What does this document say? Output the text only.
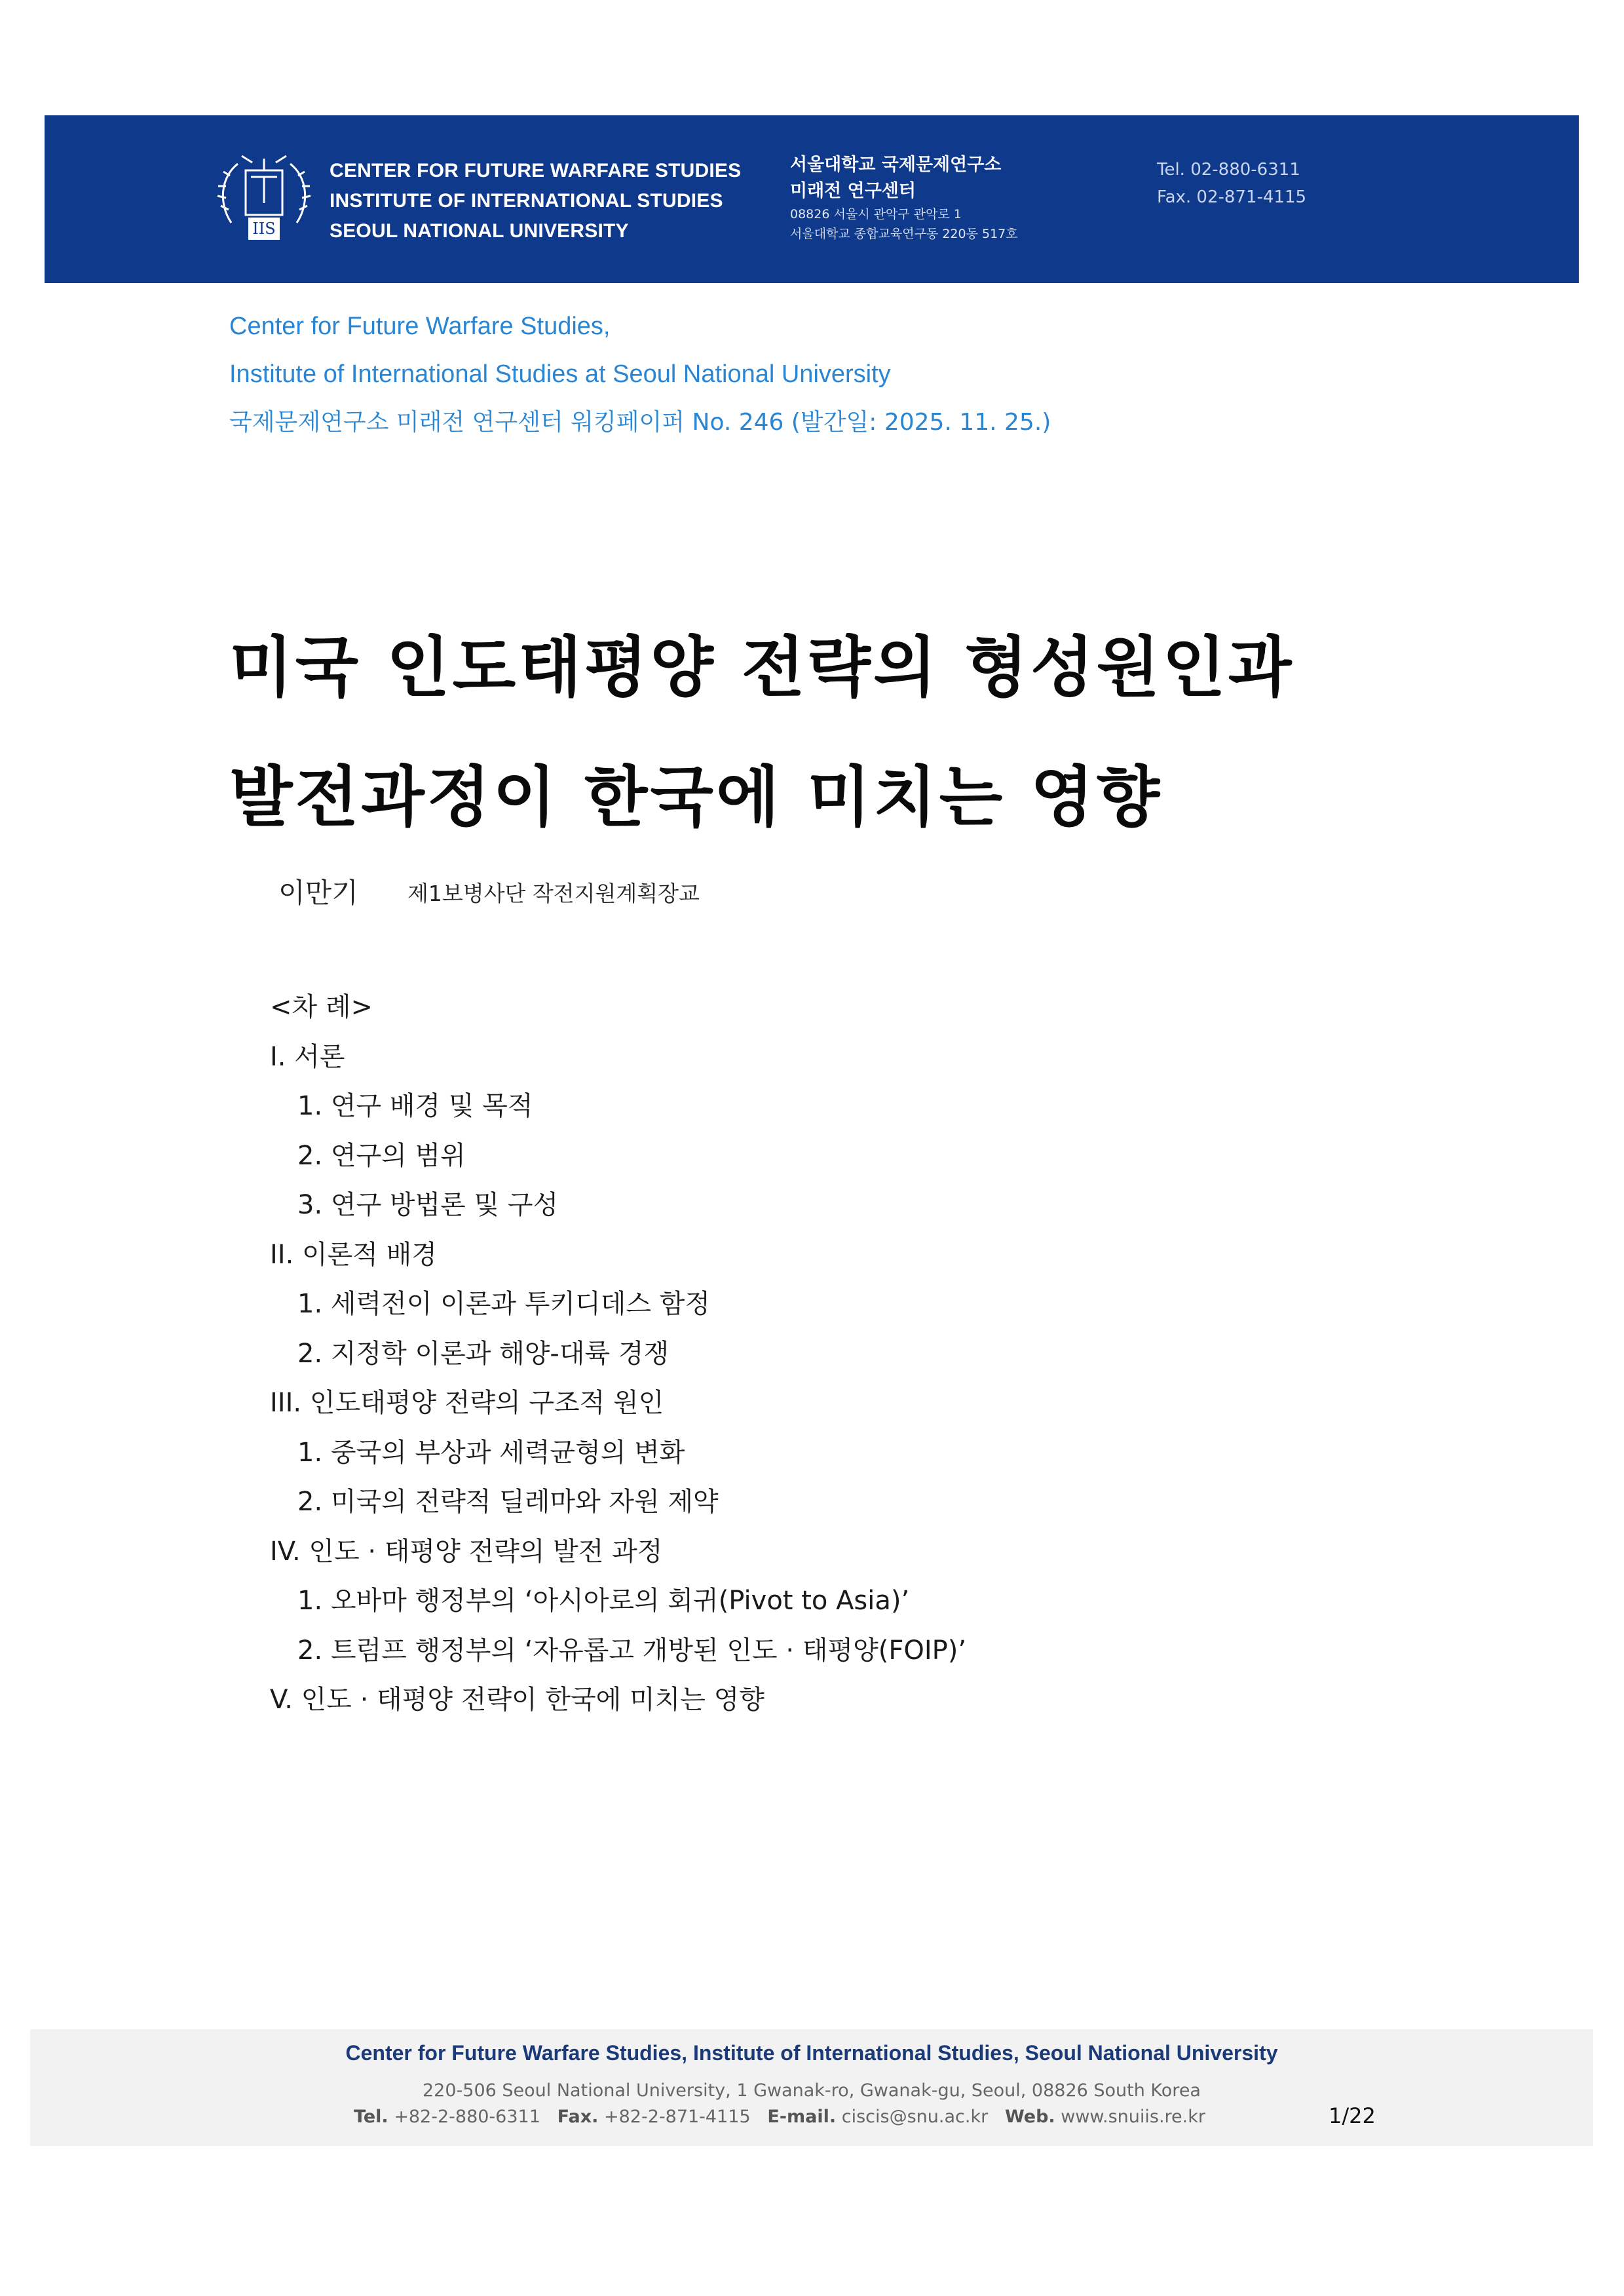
IIS
CENTER FOR FUTURE WARFARE STUDIES
INSTITUTE OF INTERNATIONAL STUDIES
SEOUL NATIONAL UNIVERSITY
서울대학교 국제문제연구소
미래전 연구센터
08826 서울시 관악구 관악로 1
서울대학교 종합교육연구동 220동 517호
Tel. 02-880-6311
Fax. 02-871-4115
Center for Future Warfare Studies,
Institute of International Studies at Seoul National University
국제문제연구소 미래전 연구센터 워킹페이퍼 No. 246 (발간일: 2025. 11. 25.)
미국 인도태평양 전략의 형성원인과
발전과정이 한국에 미치는 영향
이만기 제1보병사단 작전지원계획장교
<차 례>
I. 서론
1. 연구 배경 및 목적
2. 연구의 범위
3. 연구 방법론 및 구성
II. 이론적 배경
1. 세력전이 이론과 투키디데스 함정
2. 지정학 이론과 해양-대륙 경쟁
III. 인도태평양 전략의 구조적 원인
1. 중국의 부상과 세력균형의 변화
2. 미국의 전략적 딜레마와 자원 제약
IV. 인도 · 태평양 전략의 발전 과정
1. 오바마 행정부의 ‘아시아로의 회귀(Pivot to Asia)’
2. 트럼프 행정부의 ‘자유롭고 개방된 인도 · 태평양(FOIP)’
V. 인도 · 태평양 전략이 한국에 미치는 영향
Center for Future Warfare Studies, Institute of International Studies, Seoul National University
220-506 Seoul National University, 1 Gwanak-ro, Gwanak-gu, Seoul, 08826 South Korea
Tel. +82-2-880-6311 Fax. +82-2-871-4115 E-mail. ciscis@snu.ac.kr Web. www.snuiis.re.kr	1/22
